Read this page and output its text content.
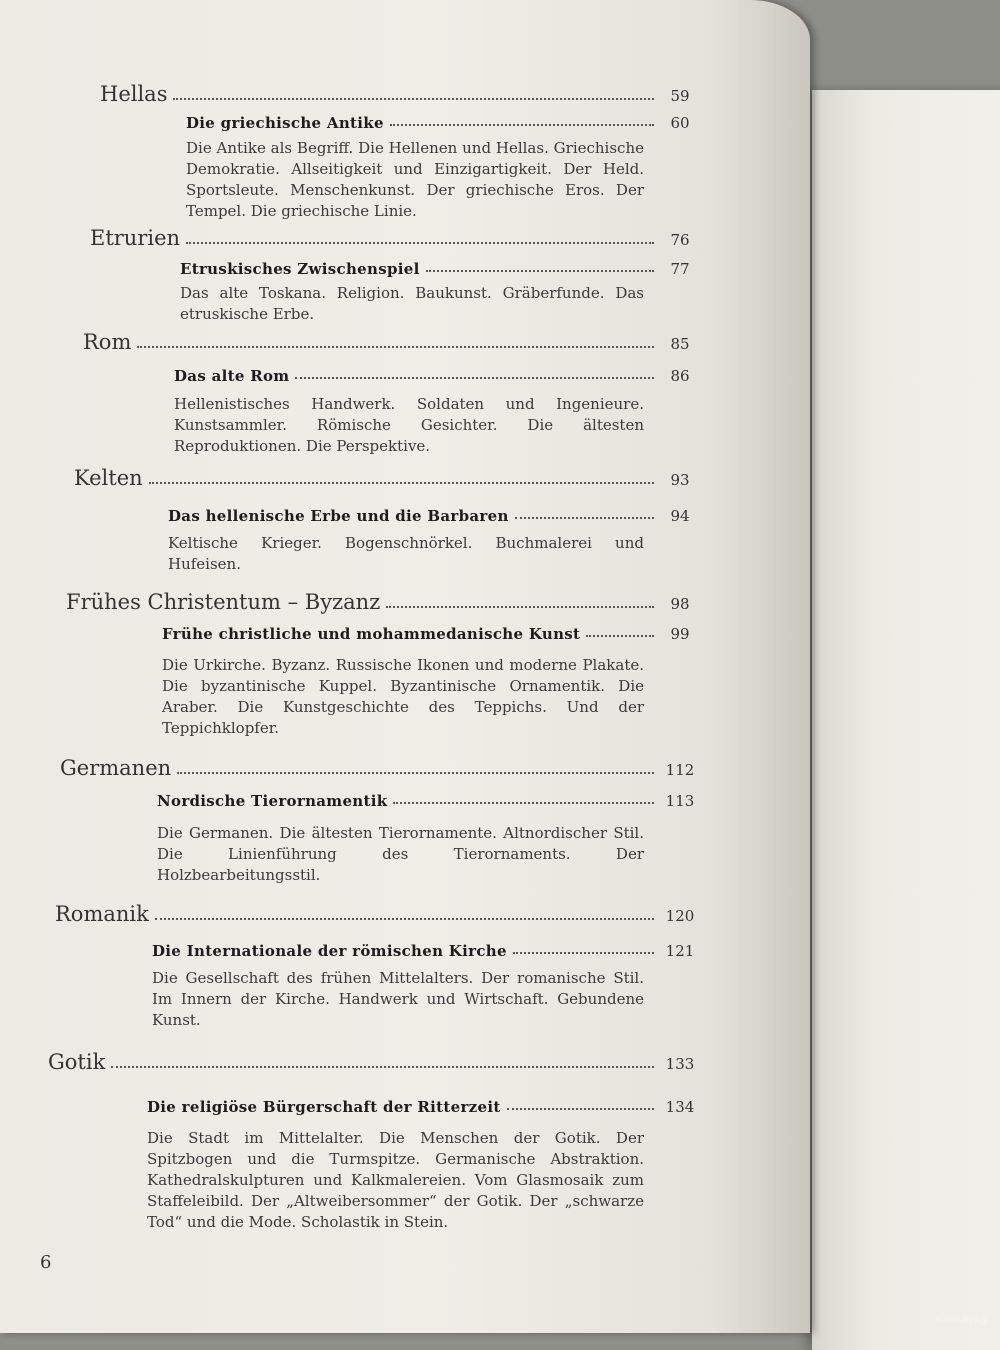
Hellas	59
Die griechische Antike	60
Die Antike als Begriff. Die Hellenen und Hellas. Griechische Demokratie. Allseitigkeit und Einzigartigkeit. Der Held. Sportsleute. Menschenkunst. Der griechische Eros. Der Tempel. Die griechische Linie.
Etrurien	76
Etruskisches Zwischenspiel	77
Das alte Toskana. Religion. Baukunst. Gräberfunde. Das etruskische Erbe.
Rom	85
Das alte Rom	86
Hellenistisches Handwerk. Soldaten und Ingenieure. Kunstsammler. Römische Gesichter. Die ältesten Reproduktionen. Die Perspektive.
Kelten	93
Das hellenische Erbe und die Barbaren	94
Keltische Krieger. Bogenschnörkel. Buchmalerei und Hufeisen.
Frühes Christentum – Byzanz	98
Frühe christliche und mohammedanische Kunst	99
Die Urkirche. Byzanz. Russische Ikonen und moderne Plakate. Die byzantinische Kuppel. Byzantinische Ornamentik. Die Araber. Die Kunstgeschichte des Teppichs. Und der Teppichklopfer.
Germanen	112
Nordische Tierornamentik	113
Die Germanen. Die ältesten Tierornamente. Altnordischer Stil. Die Linienführung des Tierornaments. Der Holzbearbeitungsstil.
Romanik	120
Die Internationale der römischen Kirche	121
Die Gesellschaft des frühen Mittelalters. Der romanische Stil. Im Innern der Kirche. Handwerk und Wirtschaft. Gebundene Kunst.
Gotik	133
Die religiöse Bürgerschaft der Ritterzeit	134
Die Stadt im Mittelalter. Die Menschen der Gotik. Der Spitzbogen und die Turmspitze. Germanische Abstraktion. Kathedralskulpturen und Kalkmalereien. Vom Glasmosaik zum Staffeleibild. Der „Altweibersommer“ der Gotik. Der „schwarze Tod“ und die Mode. Scholastik in Stein.
6
www.ay.by
